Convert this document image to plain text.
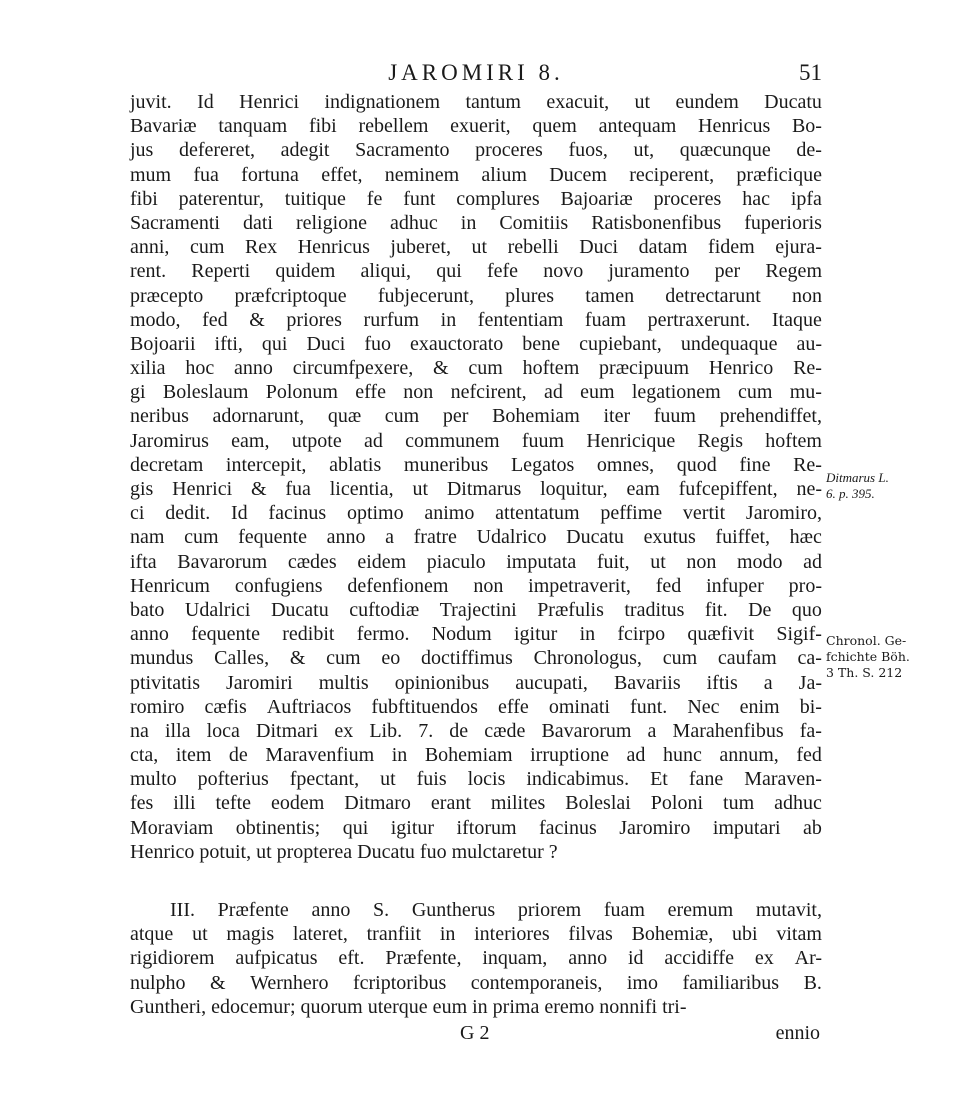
JAROMIRI 8.	51
juvit. Id Henrici indignationem tantum exacuit, ut eundem Ducatu
Bavariæ tanquam fibi rebellem exuerit, quem antequam Henricus Bo-
jus defereret, adegit Sacramento proceres fuos, ut, quæcunque de-
mum fua fortuna effet, neminem alium Ducem reciperent, præficique
fibi paterentur, tuitique fe funt complures Bajoariæ proceres hac ipfa
Sacramenti dati religione adhuc in Comitiis Ratisbonenfibus fuperioris
anni, cum Rex Henricus juberet, ut rebelli Duci datam fidem ejura-
rent. Reperti quidem aliqui, qui fefe novo juramento per Regem
præcepto præfcriptoque fubjecerunt, plures tamen detrectarunt non
modo, fed & priores rurfum in fententiam fuam pertraxerunt. Itaque
Bojoarii ifti, qui Duci fuo exauctorato bene cupiebant, undequaque au-
xilia hoc anno circumfpexere, & cum hoftem præcipuum Henrico Re-
gi Boleslaum Polonum effe non nefcirent, ad eum legationem cum mu-
neribus adornarunt, quæ cum per Bohemiam iter fuum prehendiffet,
Jaromirus eam, utpote ad communem fuum Henricique Regis hoftem
decretam intercepit, ablatis muneribus Legatos omnes, quod fine Re-
gis Henrici & fua licentia, ut Ditmarus loquitur, eam fufcepiffent, ne-
ci dedit. Id facinus optimo animo attentatum peffime vertit Jaromiro,
nam cum fequente anno a fratre Udalrico Ducatu exutus fuiffet, hæc
ifta Bavarorum cædes eidem piaculo imputata fuit, ut non modo ad
Henricum confugiens defenfionem non impetraverit, fed infuper pro-
bato Udalrici Ducatu cuftodiæ Trajectini Præfulis traditus fit. De quo
anno fequente redibit fermo. Nodum igitur in fcirpo quæfivit Sigif-
mundus Calles, & cum eo doctiffimus Chronologus, cum caufam ca-
ptivitatis Jaromiri multis opinionibus aucupati, Bavariis iftis a Ja-
romiro cæfis Auftriacos fubftituendos effe ominati funt. Nec enim bi-
na illa loca Ditmari ex Lib. 7. de cæde Bavarorum a Marahenfibus fa-
cta, item de Maravenfium in Bohemiam irruptione ad hunc annum, fed
multo pofterius fpectant, ut fuis locis indicabimus. Et fane Maraven-
fes illi tefte eodem Ditmaro erant milites Boleslai Poloni tum adhuc
Moraviam obtinentis; qui igitur iftorum facinus Jaromiro imputari ab
Henrico potuit, ut propterea Ducatu fuo mulctaretur ?
III. Præfente anno S. Guntherus priorem fuam eremum mutavit,
atque ut magis lateret, tranfiit in interiores filvas Bohemiæ, ubi vitam
rigidiorem aufpicatus eft. Præfente, inquam, anno id accidiffe ex Ar-
nulpho & Wernhero fcriptoribus contemporaneis, imo familiaribus B.
Guntheri, edocemur; quorum uterque eum in prima eremo nonnifi tri-
Ditmarus L.
6. p. 395.
Chronol. Ge-
fchichte Böh.
3 Th. S. 212
G 2	ennio
